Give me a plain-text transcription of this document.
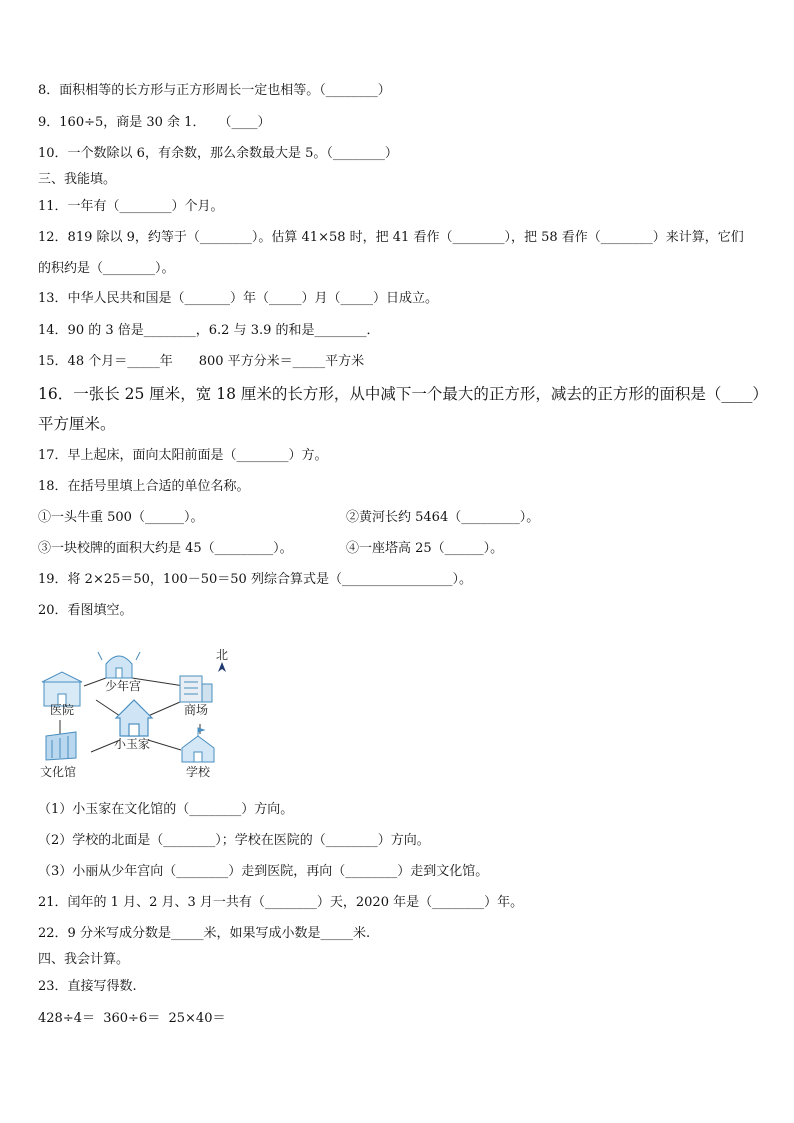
8．面积相等的长方形与正方形周长一定也相等。（________）
9．160÷5，商是 30 余 1．　　（____）
10．一个数除以 6，有余数，那么余数最大是 5。（________）
三、我能填。
11．一年有（________）个月。
12．819 除以 9，约等于（________）。估算 41×58 时，把 41 看作（________），把 58 看作（________）来计算，它们
的积约是（________）。
13．中华人民共和国是（_______）年（_____）月（_____）日成立。
14．90 的 3 倍是________，6.2 与 3.9 的和是________．
15．48 个月＝_____年　　800 平方分米＝_____平方米
16．一张长 25 厘米，宽 18 厘米的长方形，从中减下一个最大的正方形，减去的正方形的面积是（____）
平方厘米。
17．早上起床，面向太阳前面是（________）方。
18．在括号里填上合适的单位名称。
①一头牛重 500（______）。	②黄河长约 5464（_________）。
③一块校牌的面积大约是 45（_________）。	④一座塔高 25（______）。
19．将 2×25＝50，100－50＝50 列综合算式是（_________________）。
20．看图填空。
少年宫
北
医院	商场
小玉家
文化馆	学校
（1）小玉家在文化馆的（________）方向。
（2）学校的北面是（________）；学校在医院的（________）方向。
（3）小丽从少年宫向（________）走到医院，再向（________）走到文化馆。
21．闰年的 1 月、2 月、3 月一共有（________）天，2020 年是（________）年。
22．9 分米写成分数是_____米，如果写成小数是_____米.
四、我会计算。
23．直接写得数.
428÷4＝  360÷6＝  25×40＝
